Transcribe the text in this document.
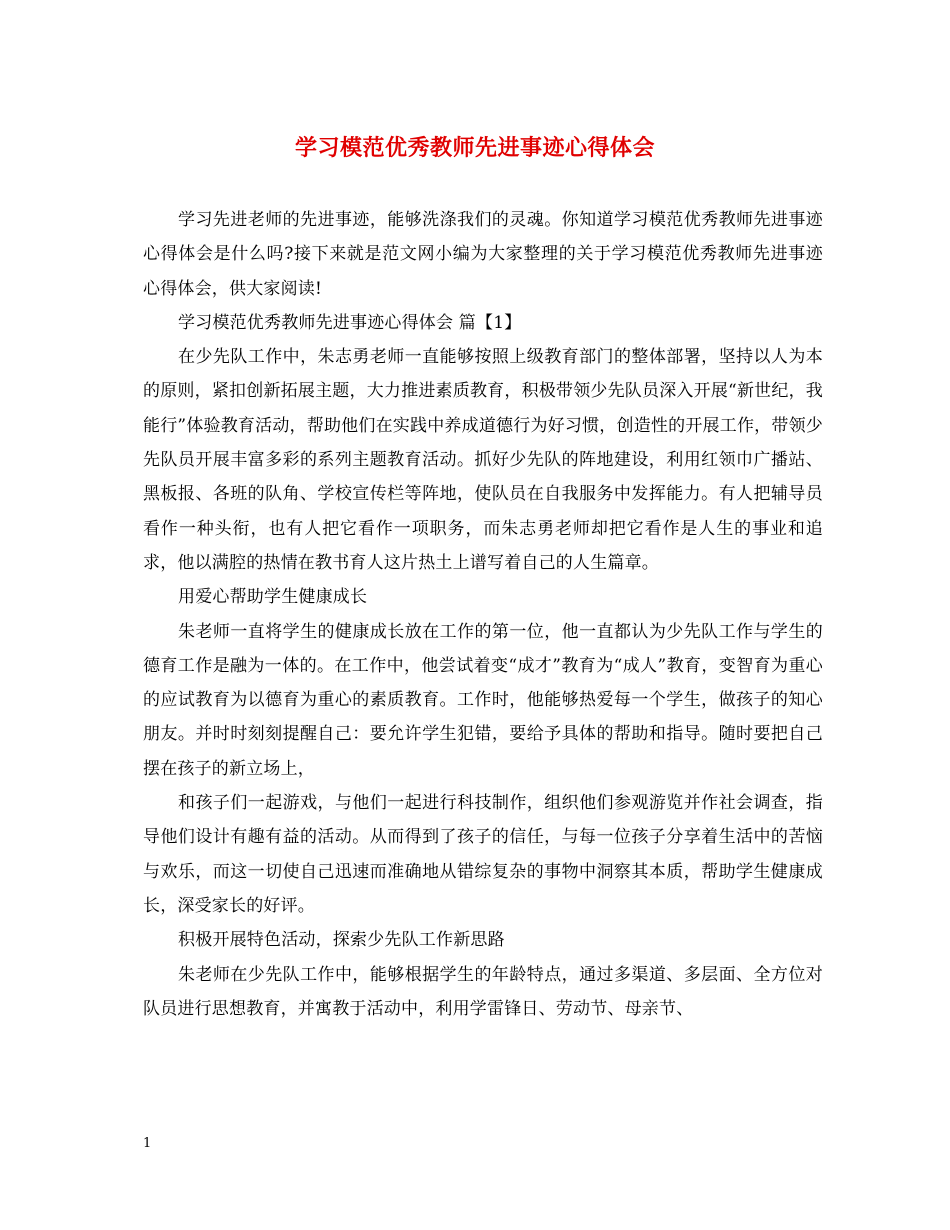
学习模范优秀教师先进事迹心得体会

学习先进老师的先进事迹，能够洗涤我们的灵魂。你知道学习模范优秀教师先进事迹心得体会是什么吗?接下来就是范文网小编为大家整理的关于学习模范优秀教师先进事迹心得体会，供大家阅读!

学习模范优秀教师先进事迹心得体会 篇【1】

在少先队工作中，朱志勇老师一直能够按照上级教育部门的整体部署，坚持以人为本的原则，紧扣创新拓展主题，大力推进素质教育，积极带领少先队员深入开展“新世纪，我能行”体验教育活动，帮助他们在实践中养成道德行为好习惯，创造性的开展工作，带领少先队员开展丰富多彩的系列主题教育活动。抓好少先队的阵地建设，利用红领巾广播站、黑板报、各班的队角、学校宣传栏等阵地，使队员在自我服务中发挥能力。有人把辅导员看作一种头衔，也有人把它看作一项职务，而朱志勇老师却把它看作是人生的事业和追求，他以满腔的热情在教书育人这片热土上谱写着自己的人生篇章。

用爱心帮助学生健康成长

朱老师一直将学生的健康成长放在工作的第一位，他一直都认为少先队工作与学生的德育工作是融为一体的。在工作中，他尝试着变“成才”教育为“成人”教育，变智育为重心的应试教育为以德育为重心的素质教育。工作时，他能够热爱每一个学生，做孩子的知心朋友。并时时刻刻提醒自己：要允许学生犯错，要给予具体的帮助和指导。随时要把自己摆在孩子的新立场上，

和孩子们一起游戏，与他们一起进行科技制作，组织他们参观游览并作社会调查，指导他们设计有趣有益的活动。从而得到了孩子的信任，与每一位孩子分享着生活中的苦恼与欢乐，而这一切使自己迅速而准确地从错综复杂的事物中洞察其本质，帮助学生健康成长，深受家长的好评。

积极开展特色活动，探索少先队工作新思路

朱老师在少先队工作中，能够根据学生的年龄特点，通过多渠道、多层面、全方位对队员进行思想教育，并寓教于活动中，利用学雷锋日、劳动节、母亲节、

1
